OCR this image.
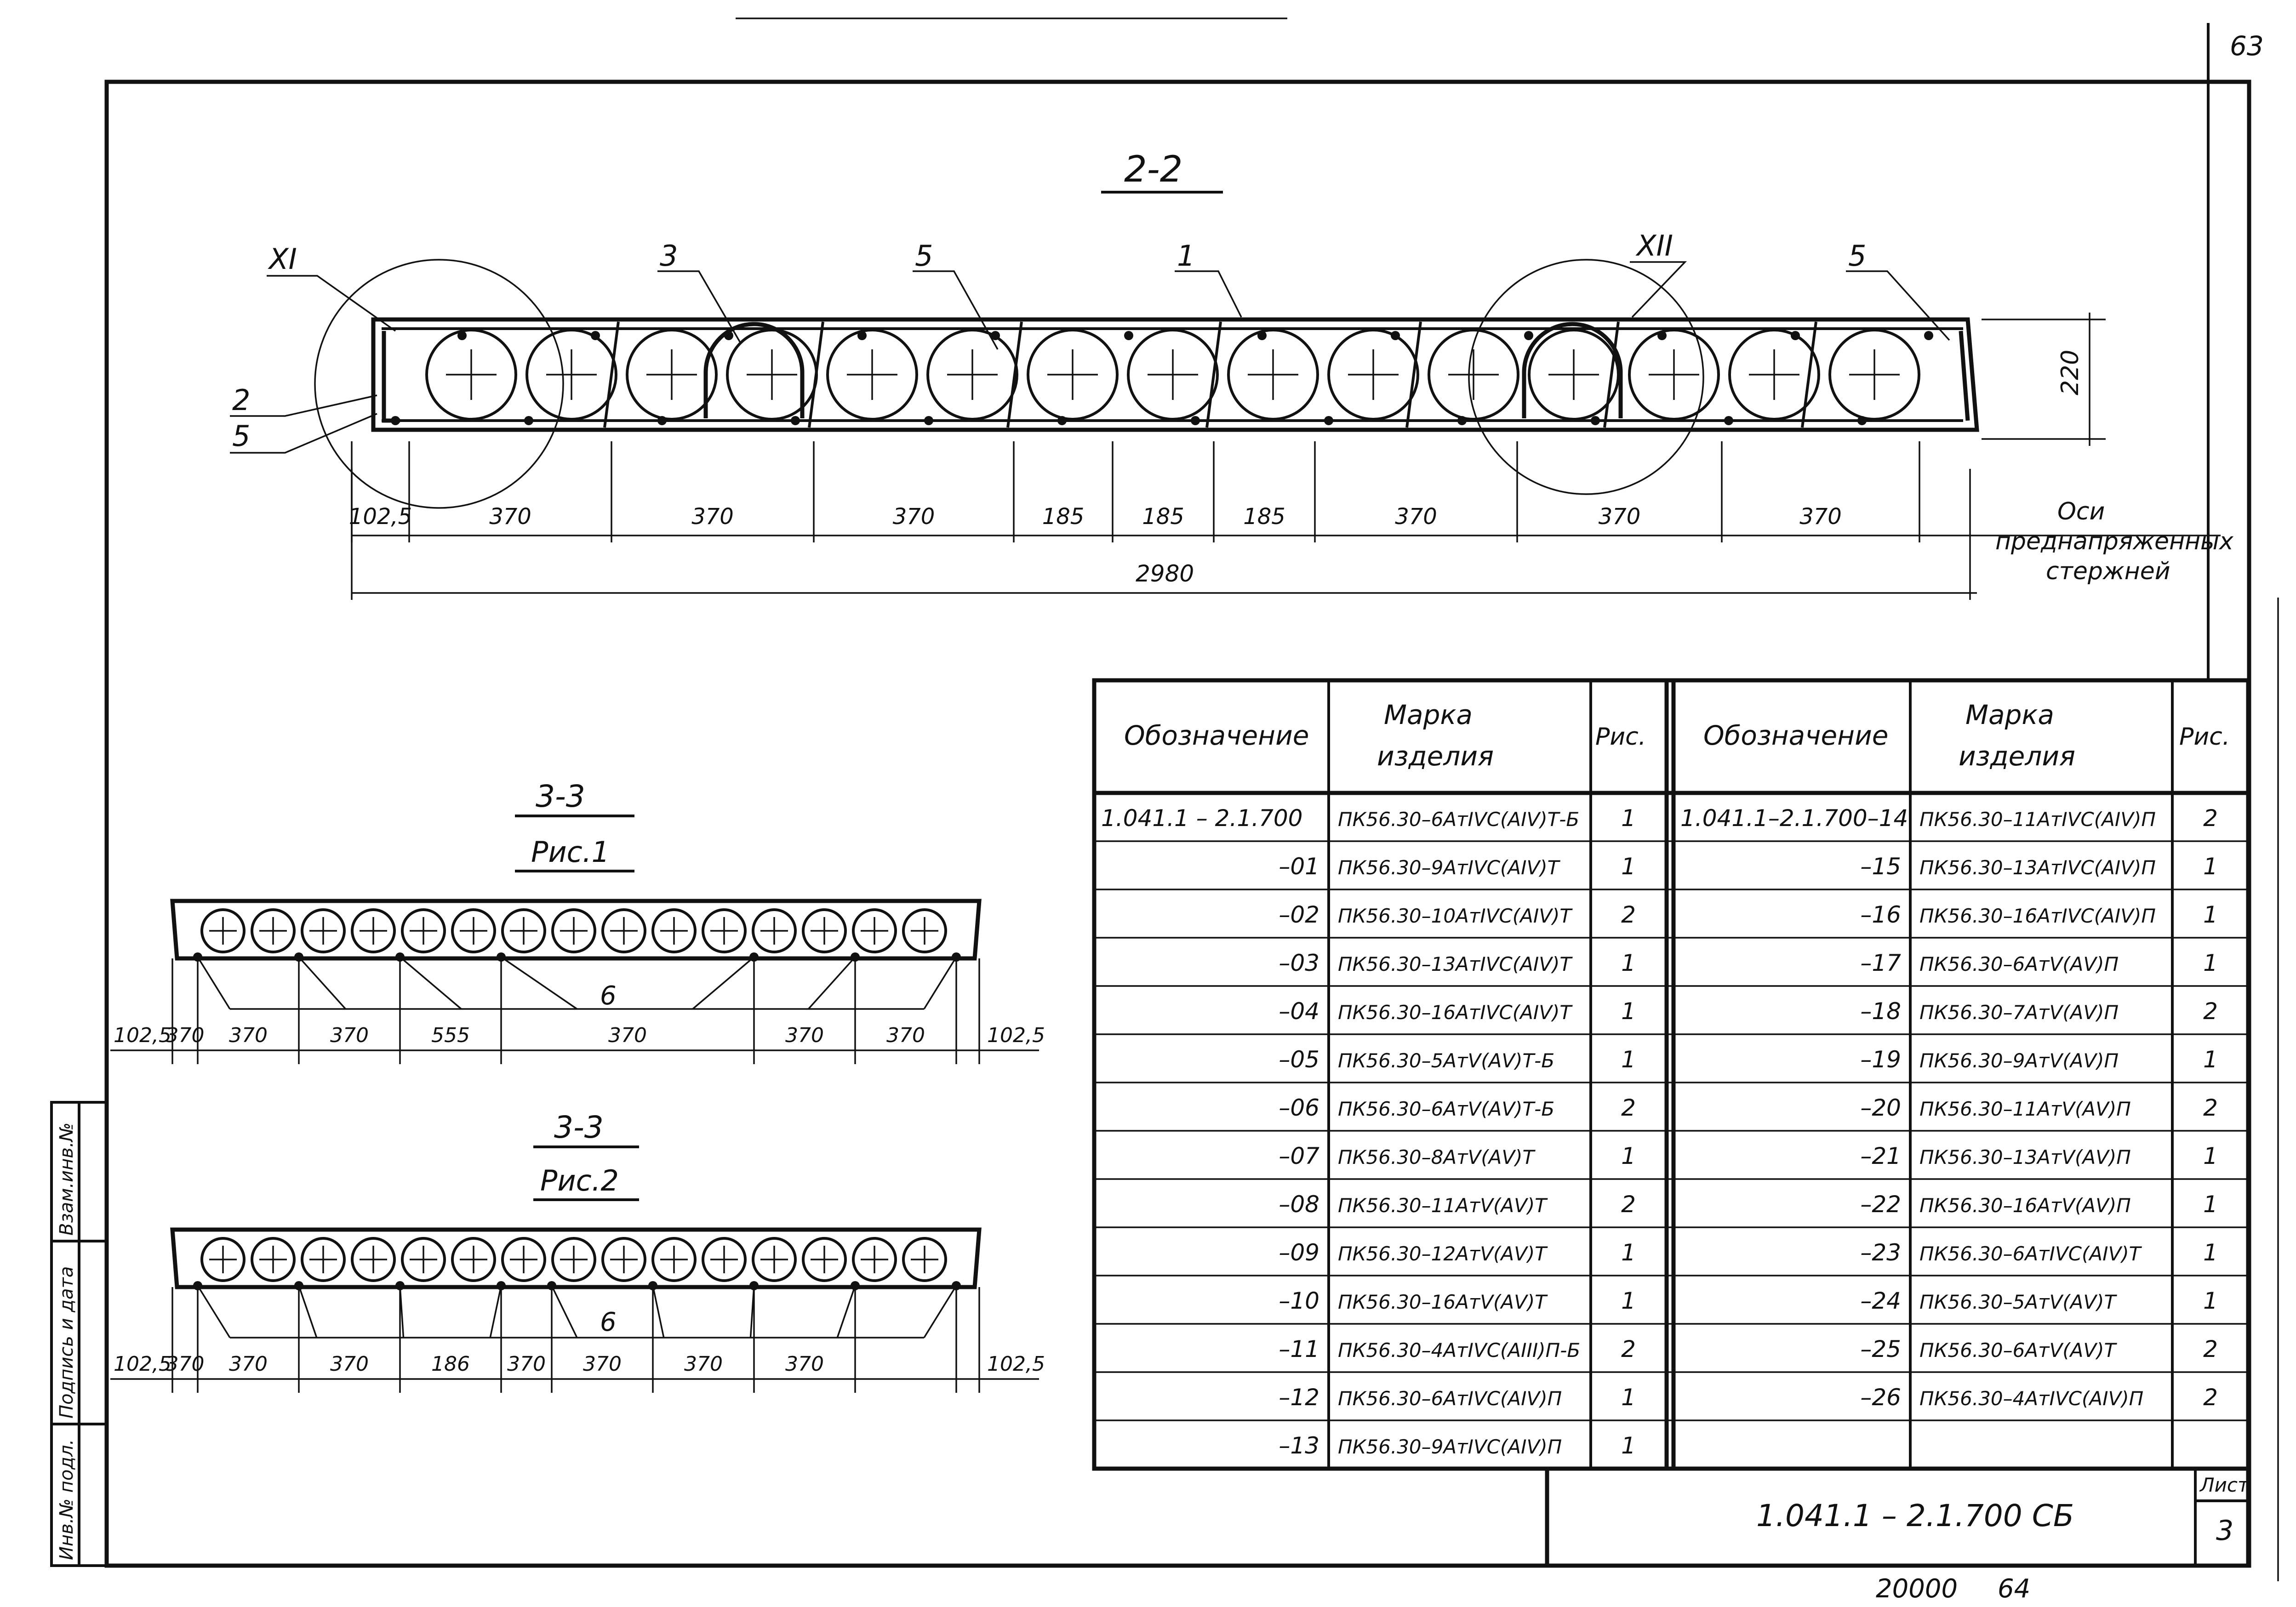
63
Инв.№ подл.
Подпись и дата
Взам.инв.№
2-2
XI	3	5	1	XII	5
2
5
220
102,5	370	370	370	185	185	185	370	370	370
2980
Оси
преднапряженных
стержней
3-3
Рис.1
6
102,5
370 370	370	555	370	370	370	102,5
3-3
Рис.2
6
102,5
370 370	370	186 370 370	370	370	102,5
Обозначение
Марка
изделия
Рис. Обозначение
Марка
изделия
Рис.
1.041.1 – 2.1.700 ПК56.30–6АтIVС(АIV)Т-Б 1
–01 ПК56.30–9АтIVС(АIV)Т	1
–02 ПК56.30–10АтIVС(АIV)Т 2
–03 ПК56.30–13АтIVС(АIV)Т 1
–04 ПК56.30–16АтIVС(АIV)Т 1
–05 ПК56.30–5АтV(АV)Т-Б	1
–06 ПК56.30–6АтV(АV)Т-Б	2
–07 ПК56.30–8АтV(АV)Т	1
–08 ПК56.30–11АтV(АV)Т	2
–09 ПК56.30–12АтV(АV)Т	1
–10 ПК56.30–16АтV(АV)Т	1
–11 ПК56.30–4АтIVС(АIII)П-Б 2
–12 ПК56.30–6АтIVС(АIV)П	1
–13 ПК56.30–9АтIVС(АIV)П	1
1.041.1–2.1.700–14 ПК56.30–11АтIVС(АIV)П 2
–15 ПК56.30–13АтIVС(АIV)П 1
–16 ПК56.30–16АтIVС(АIV)П 1
–17 ПК56.30–6АтV(АV)П	1
–18 ПК56.30–7АтV(АV)П	2
–19 ПК56.30–9АтV(АV)П	1
–20 ПК56.30–11АтV(АV)П	2
–21 ПК56.30–13АтV(АV)П	1
–22 ПК56.30–16АтV(АV)П	1
–23 ПК56.30–6АтIVС(АIV)Т	1
–24 ПК56.30–5АтV(АV)Т	1
–25 ПК56.30–6АтV(АV)Т	2
–26 ПК56.30–4АтIVС(АIV)П	2
1.041.1 – 2.1.700 СБ
Лист
3
20000 64
